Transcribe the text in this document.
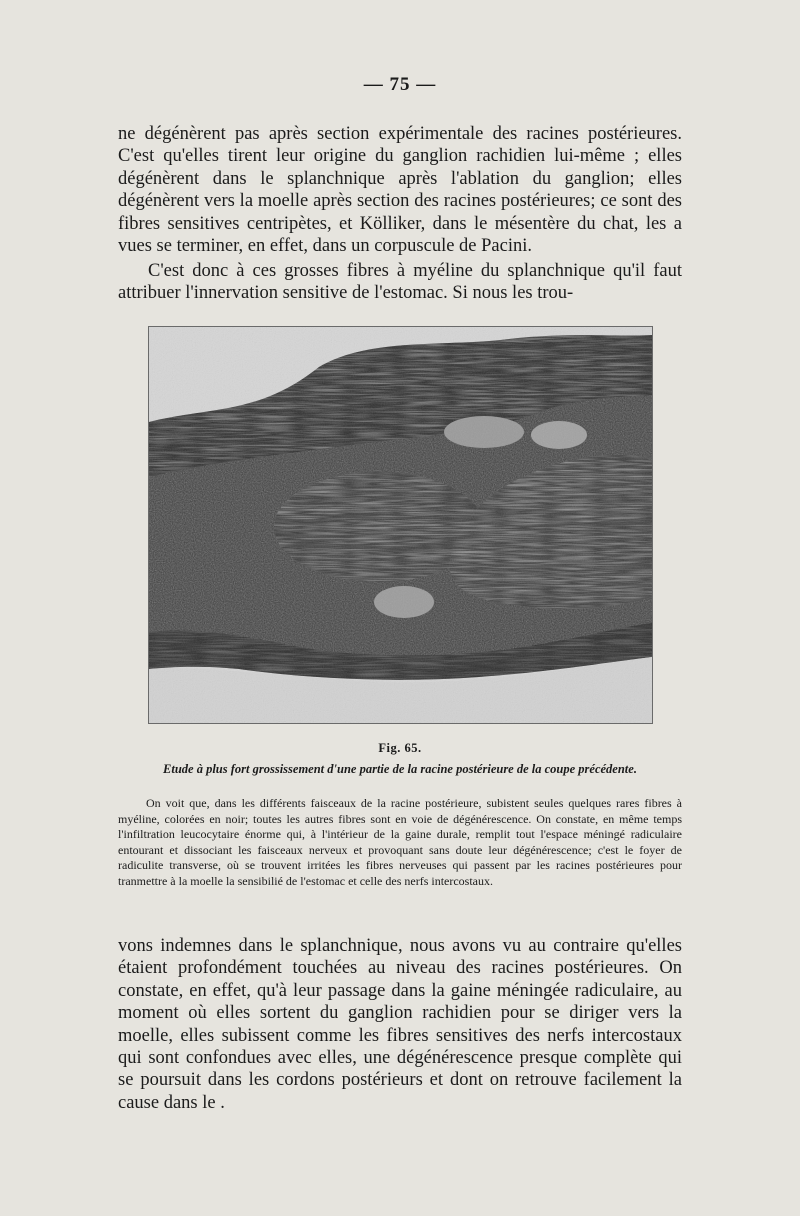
— 75 —

ne dégénèrent pas après section expérimentale des racines postérieures. C'est qu'elles tirent leur origine du ganglion rachidien lui-même ; elles dégénèrent dans le splanchnique après l'ablation du ganglion; elles dégénèrent vers la moelle après section des racines postérieures; ce sont des fibres sensitives centripètes, et Kölliker, dans le mésentère du chat, les a vues se terminer, en effet, dans un corpuscule de Pacini.

C'est donc à ces grosses fibres à myéline du splanchnique qu'il faut attribuer l'innervation sensitive de l'estomac. Si nous les trou-

Fig. 65.
Etude à plus fort grossissement d'une partie de la racine postérieure de la coupe précédente.

On voit que, dans les différents faisceaux de la racine postérieure, subistent seules quelques rares fibres à myéline, colorées en noir; toutes les autres fibres sont en voie de dégénérescence. On constate, en même temps l'infiltration leucocytaire énorme qui, à l'intérieur de la gaine durale, remplit tout l'espace méningé radiculaire entourant et dissociant les faisceaux nerveux et provoquant sans doute leur dégénérescence; c'est le foyer de radiculite transverse, où se trouvent irritées les fibres nerveuses qui passent par les racines postérieures pour tranmettre à la moelle la sensibilié de l'estomac et celle des nerfs intercostaux.

vons indemnes dans le splanchnique, nous avons vu au contraire qu'elles étaient profondément touchées au niveau des racines postérieures. On constate, en effet, qu'à leur passage dans la gaine méningée radiculaire, au moment où elles sortent du ganglion rachidien pour se diriger vers la moelle, elles subissent comme les fibres sensitives des nerfs intercostaux qui sont confondues avec elles, une dégénérescence presque complète qui se poursuit dans les cordons postérieurs et dont on retrouve facilement la cause dans le .
